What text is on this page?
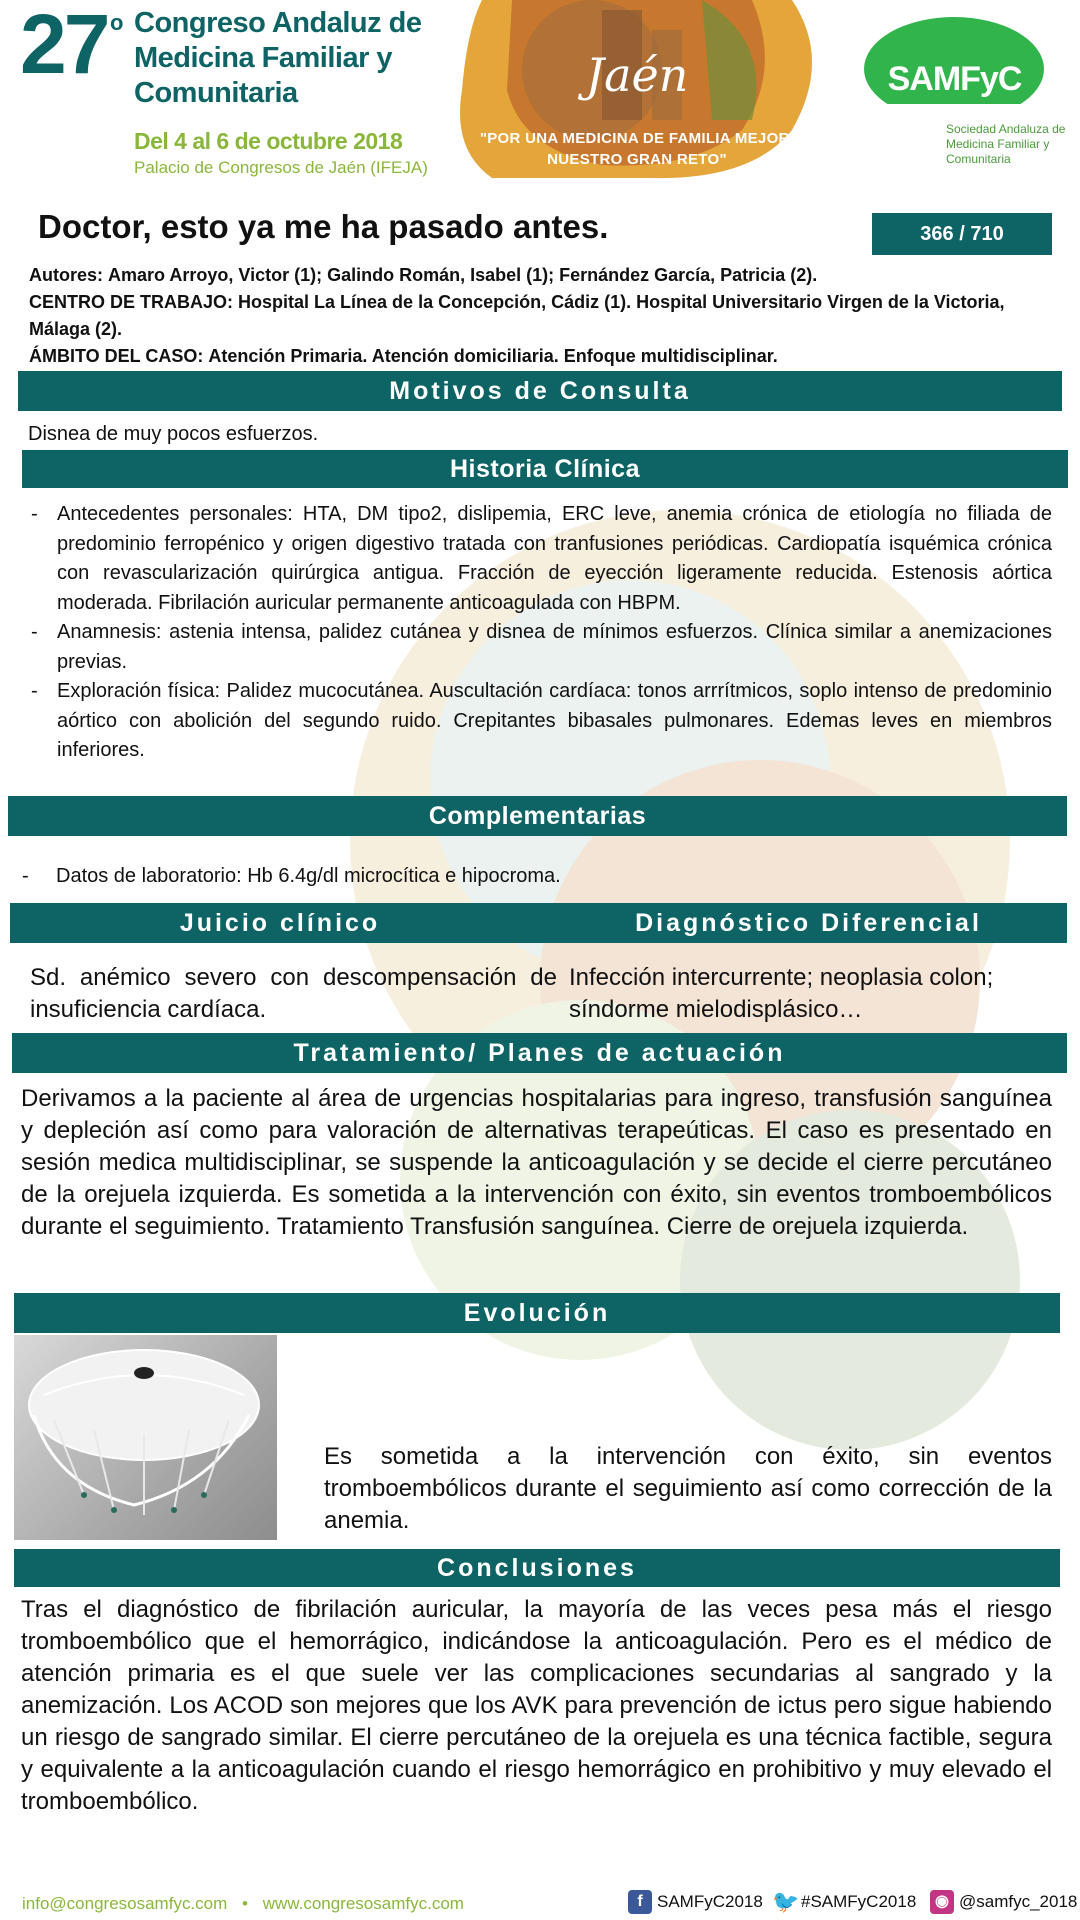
27 o Congreso Andaluz de Medicina Familiar y Comunitaria
Del 4 al 6 de octubre 2018
Palacio de Congresos de Jaén (IFEJA)
Jaén
"POR UNA MEDICINA DE FAMILIA MEJOR,
NUESTRO GRAN RETO"
SAMFyC
Sociedad Andaluza de Medicina Familiar y Comunitaria
Doctor, esto ya me ha pasado antes.	366 / 710
Autores: Amaro Arroyo, Victor (1); Galindo Román, Isabel (1); Fernández García, Patricia (2).
CENTRO DE TRABAJO: Hospital La Línea de la Concepción, Cádiz (1). Hospital Universitario Virgen de la Victoria, Málaga (2).
ÁMBITO DEL CASO: Atención Primaria. Atención domiciliaria. Enfoque multidisciplinar.
Motivos de Consulta
Disnea de muy pocos esfuerzos.
Historia Clínica
- Antecedentes personales: HTA, DM tipo2, dislipemia, ERC leve, anemia crónica de etiología no filiada de predominio ferropénico y origen digestivo tratada con tranfusiones periódicas. Cardiopatía isquémica crónica con revascularización quirúrgica antigua. Fracción de eyección ligeramente reducida. Estenosis aórtica moderada. Fibrilación auricular permanente anticoagulada con HBPM.
- Anamnesis: astenia intensa, palidez cutánea y disnea de mínimos esfuerzos. Clínica similar a anemizaciones previas.
- Exploración física: Palidez mucocutánea. Auscultación cardíaca: tonos arrrítmicos, soplo intenso de predominio aórtico con abolición del segundo ruido. Crepitantes bibasales pulmonares. Edemas leves en miembros inferiores.
Complementarias
- Datos de laboratorio: Hb 6.4g/dl microcítica e hipocroma.
Juicio clínico	Diagnóstico Diferencial
Sd. anémico severo con descompensación de insuficiencia cardíaca.
Infección intercurrente; neoplasia colon; síndorme mielodisplásico…
Tratamiento/ Planes de actuación
Derivamos a la paciente al área de urgencias hospitalarias para ingreso, transfusión sanguínea y depleción así como para valoración de alternativas terapeúticas. El caso es presentado en sesión medica multidisciplinar, se suspende la anticoagulación y se decide el cierre percutáneo de la orejuela izquierda. Es sometida a la intervención con éxito, sin eventos tromboembólicos durante el seguimiento. Tratamiento Transfusión sanguínea. Cierre de orejuela izquierda.
Evolución
Es sometida a la intervención con éxito, sin eventos tromboembólicos durante el seguimiento así como corrección de la anemia.
Conclusiones
Tras el diagnóstico de fibrilación auricular, la mayoría de las veces pesa más el riesgo tromboembólico que el hemorrágico, indicándose la anticoagulación. Pero es el médico de atención primaria es el que suele ver las complicaciones secundarias al sangrado y la anemización. Los ACOD son mejores que los AVK para prevención de ictus pero sigue habiendo un riesgo de sangrado similar. El cierre percutáneo de la orejuela es una técnica factible, segura y equivalente a la anticoagulación cuando el riesgo hemorrágico en prohibitivo y muy elevado el tromboembólico.
info@congresosamfyc.com • www.congresosamfyc.com	f SAMFyC2018 🐦 #SAMFyC2018	◉ @samfyc_2018
